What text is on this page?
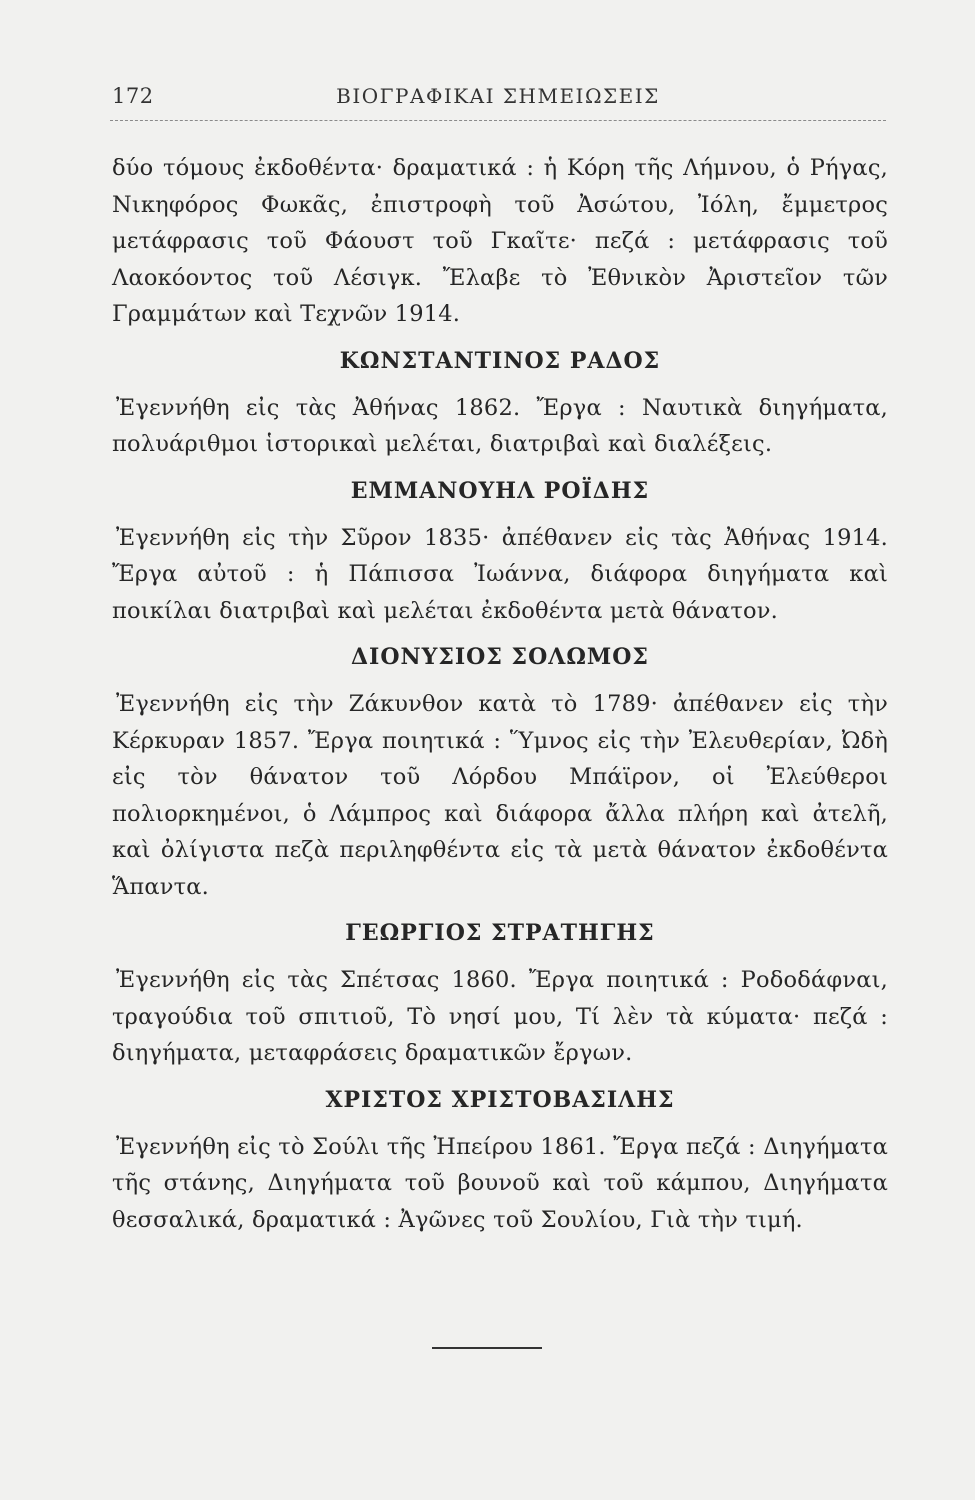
172	ΒΙΟΓΡΑΦΙΚΑΙ ΣΗΜΕΙΩΣΕΙΣ

δύο τόμους ἐκδοθέντα· δραματικά : ἡ Κόρη τῆς Λήμνου, ὁ Ρήγας, Νικηφόρος Φωκᾶς, ἐπιστροφὴ τοῦ Ἀσώτου, Ἰόλη, ἔμμετρος μετάφρασις τοῦ Φάουστ τοῦ Γκαῖτε· πεζά : μετάφρασις τοῦ Λαοκόοντος τοῦ Λέσιγκ. Ἔλαβε τὸ Ἐθνικὸν Ἀριστεῖον τῶν Γραμμάτων καὶ Τεχνῶν 1914.

ΚΩΝΣΤΑΝΤΙΝΟΣ ΡΑΔΟΣ

Ἐγεννήθη εἰς τὰς Ἀθήνας 1862. Ἔργα : Ναυτικὰ διηγήματα, πολυάριθμοι ἱστορικαὶ μελέται, διατριβαὶ καὶ διαλέξεις.

ΕΜΜΑΝΟΥΗΛ ΡΟΪΔΗΣ

Ἐγεννήθη εἰς τὴν Σῦρον 1835· ἀπέθανεν εἰς τὰς Ἀθήνας 1914. Ἔργα αὐτοῦ : ἡ Πάπισσα Ἰωάννα, διάφορα διηγήματα καὶ ποικίλαι διατριβαὶ καὶ μελέται ἐκδοθέντα μετὰ θάνατον.

ΔΙΟΝΥΣΙΟΣ ΣΟΛΩΜΟΣ

Ἐγεννήθη εἰς τὴν Ζάκυνθον κατὰ τὸ 1789· ἀπέθανεν εἰς τὴν Κέρκυραν 1857. Ἔργα ποιητικά : Ὕμνος εἰς τὴν Ἐλευθερίαν, Ὠδὴ εἰς τὸν θάνατον τοῦ Λόρδου Μπάϊρον, οἱ Ἐλεύθεροι πολιορκημένοι, ὁ Λάμπρος καὶ διάφορα ἄλλα πλήρη καὶ ἀτελῆ, καὶ ὀλίγιστα πεζὰ περιληφθέντα εἰς τὰ μετὰ θάνατον ἐκδοθέντα Ἅπαντα.

ΓΕΩΡΓΙΟΣ ΣΤΡΑΤΗΓΗΣ

Ἐγεννήθη εἰς τὰς Σπέτσας 1860. Ἔργα ποιητικά : Ροδοδάφναι, τραγούδια τοῦ σπιτιοῦ, Τὸ νησί μου, Τί λὲν τὰ κύματα· πεζά : διηγήματα, μεταφράσεις δραματικῶν ἔργων.

ΧΡΙΣΤΟΣ ΧΡΙΣΤΟΒΑΣΙΛΗΣ

Ἐγεννήθη εἰς τὸ Σούλι τῆς Ἠπείρου 1861. Ἔργα πεζά : Διηγήματα τῆς στάνης, Διηγήματα τοῦ βουνοῦ καὶ τοῦ κάμπου, Διηγήματα θεσσαλικά, δραματικά : Ἀγῶνες τοῦ Σουλίου, Γιὰ τὴν τιμή.
